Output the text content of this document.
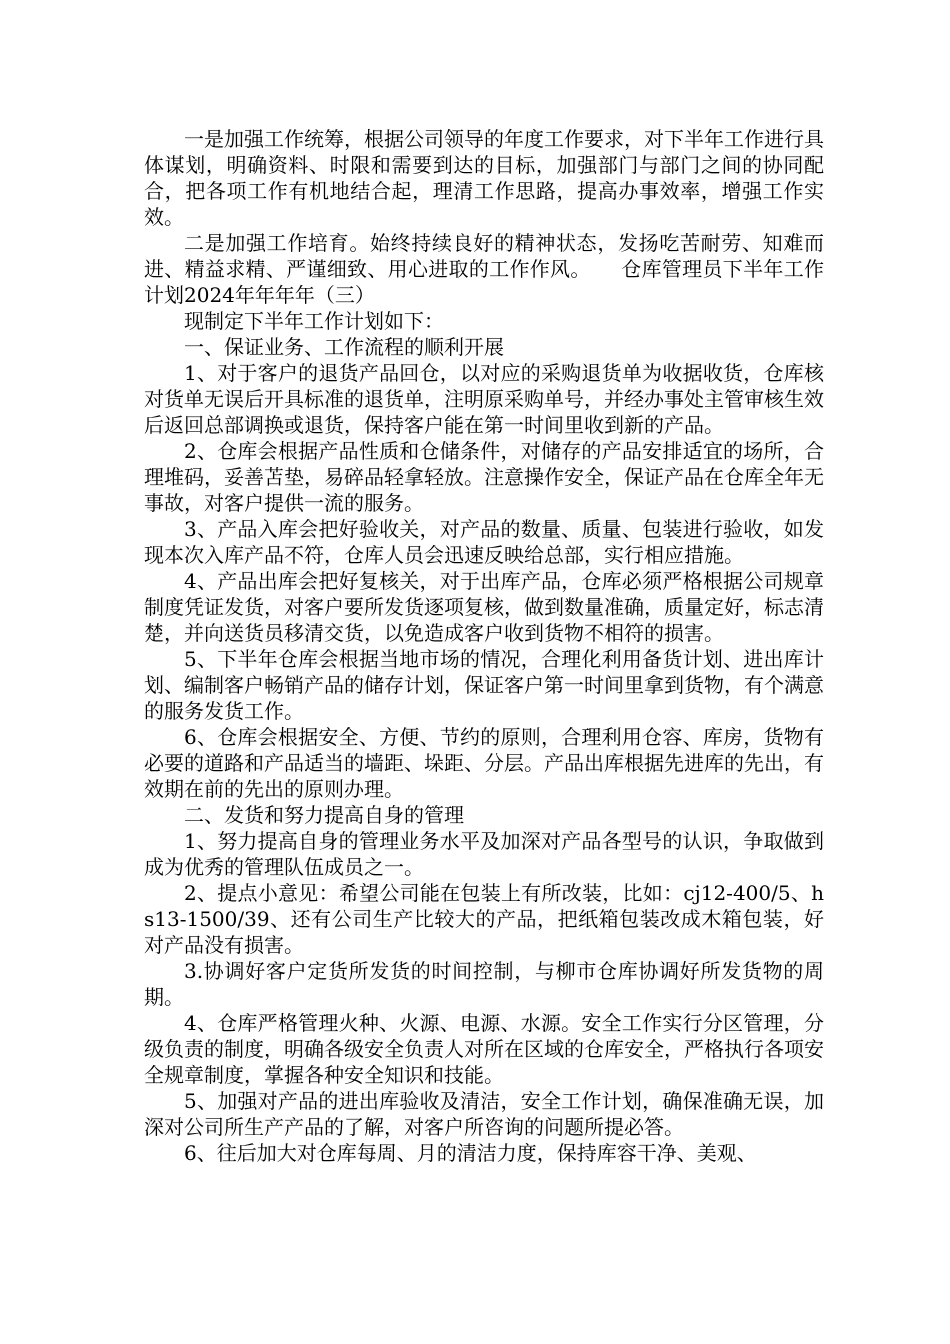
一是加强工作统筹，根据公司领导的年度工作要求，对下半年工作进行具体谋划，明确资料、时限和需要到达的目标，加强部门与部门之间的协同配合，把各项工作有机地结合起，理清工作思路，提高办事效率，增强工作实效。

二是加强工作培育。始终持续良好的精神状态，发扬吃苦耐劳、知难而进、精益求精、严谨细致、用心进取的工作作风。　　仓库管理员下半年工作计划2024年年年年（三）

现制定下半年工作计划如下：

一、保证业务、工作流程的顺利开展

1、对于客户的退货产品回仓，以对应的采购退货单为收据收货，仓库核对货单无误后开具标准的退货单，注明原采购单号，并经办事处主管审核生效后返回总部调换或退货，保持客户能在第一时间里收到新的产品。

2、仓库会根据产品性质和仓储条件，对储存的产品安排适宜的场所，合理堆码，妥善苫垫，易碎品轻拿轻放。注意操作安全，保证产品在仓库全年无事故，对客户提供一流的服务。

3、产品入库会把好验收关，对产品的数量、质量、包装进行验收，如发现本次入库产品不符，仓库人员会迅速反映给总部，实行相应措施。

4、产品出库会把好复核关，对于出库产品，仓库必须严格根据公司规章制度凭证发货，对客户要所发货逐项复核，做到数量准确，质量定好，标志清楚，并向送货员移清交货，以免造成客户收到货物不相符的损害。

5、下半年仓库会根据当地市场的情况，合理化利用备货计划、进出库计划、编制客户畅销产品的储存计划，保证客户第一时间里拿到货物，有个满意的服务发货工作。

6、仓库会根据安全、方便、节约的原则，合理利用仓容、库房，货物有必要的道路和产品适当的墙距、垛距、分层。产品出库根据先进库的先出，有效期在前的先出的原则办理。

二、发货和努力提高自身的管理

1、努力提高自身的管理业务水平及加深对产品各型号的认识，争取做到成为优秀的管理队伍成员之一。

2、提点小意见：希望公司能在包装上有所改装，比如：cj12-400/5、hs13-1500/39、还有公司生产比较大的产品，把纸箱包装改成木箱包装，好对产品没有损害。

3.协调好客户定货所发货的时间控制，与柳市仓库协调好所发货物的周期。

4、仓库严格管理火种、火源、电源、水源。安全工作实行分区管理，分级负责的制度，明确各级安全负责人对所在区域的仓库安全，严格执行各项安全规章制度，掌握各种安全知识和技能。

5、加强对产品的进出库验收及清洁，安全工作计划，确保准确无误，加深对公司所生产产品的了解，对客户所咨询的问题所提必答。

6、往后加大对仓库每周、月的清洁力度，保持库容干净、美观、
